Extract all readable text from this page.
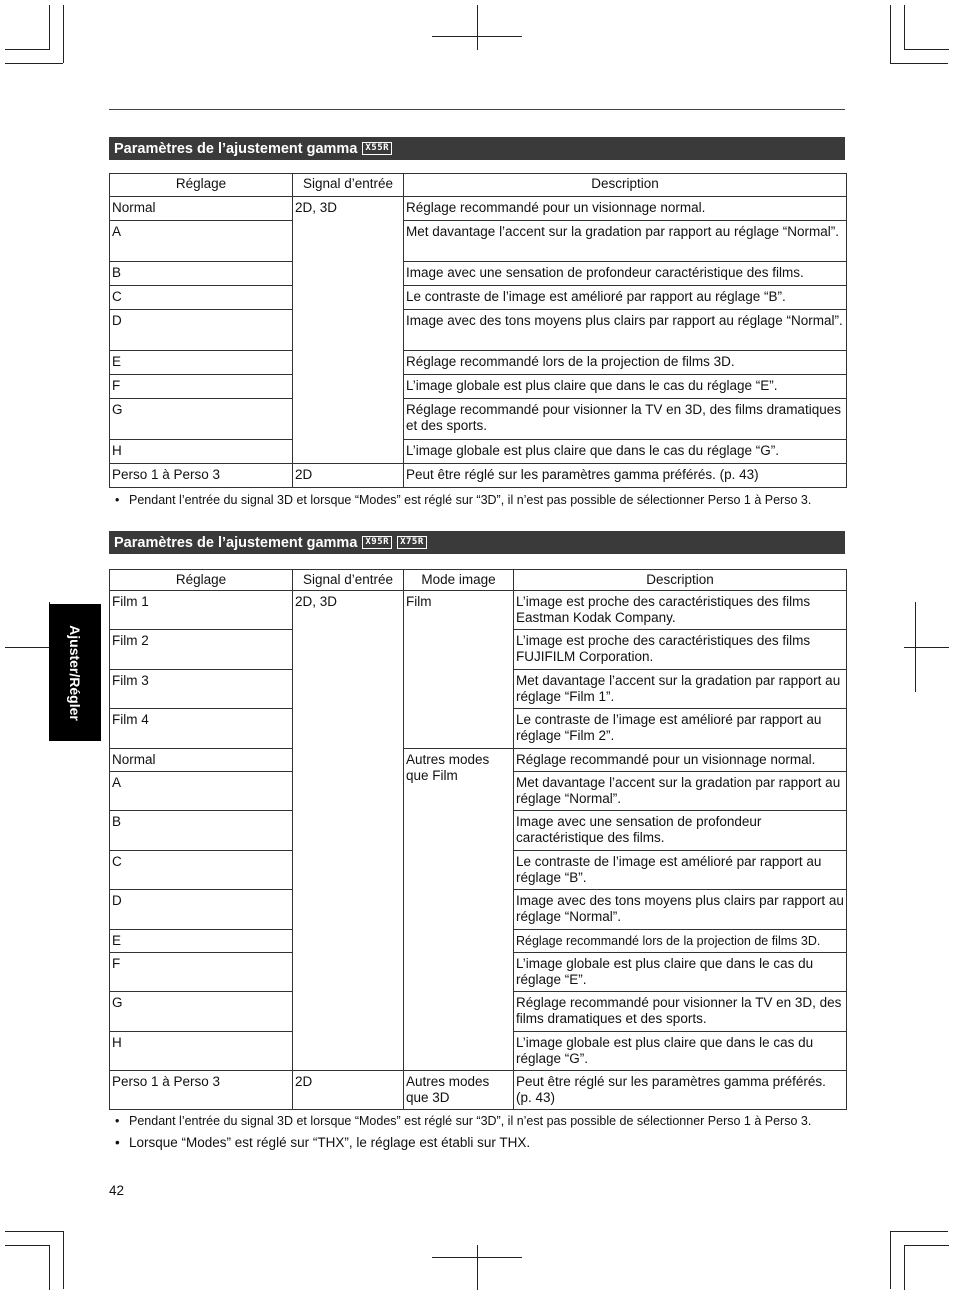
Paramètres de l’ajustement gamma X55R
Réglage	Signal d’entrée	Description
Normal	2D, 3D	Réglage recommandé pour un visionnage normal.
A		Met davantage l’accent sur la gradation par rapport au réglage “Normal”.
B		Image avec une sensation de profondeur caractéristique des films.
C		Le contraste de l’image est amélioré par rapport au réglage “B”.
D		Image avec des tons moyens plus clairs par rapport au réglage “Normal”.
E		Réglage recommandé lors de la projection de films 3D.
F		L’image globale est plus claire que dans le cas du réglage “E”.
G		Réglage recommandé pour visionner la TV en 3D, des films dramatiques et des sports.
H		L’image globale est plus claire que dans le cas du réglage “G”.
Perso 1 à Perso 3	2D	Peut être réglé sur les paramètres gamma préférés. (p. 43)
• Pendant l’entrée du signal 3D et lorsque “Modes” est réglé sur “3D”, il n’est pas possible de sélectionner Perso 1 à Perso 3.
Paramètres de l’ajustement gamma X95R	X75R
Réglage	Signal d’entrée	Mode image	Description
Film 1	2D, 3D	Film	L’image est proche des caractéristiques des films Eastman Kodak Company.
Film 2			L’image est proche des caractéristiques des films FUJIFILM Corporation.
Film 3			Met davantage l’accent sur la gradation par rapport au réglage “Film 1”.
Film 4			Le contraste de l’image est amélioré par rapport au réglage “Film 2”.
Normal		Autres modes que Film	Réglage recommandé pour un visionnage normal.
A			Met davantage l’accent sur la gradation par rapport au réglage “Normal”.
B			Image avec une sensation de profondeur caractéristique des films.
C			Le contraste de l’image est amélioré par rapport au réglage “B”.
D			Image avec des tons moyens plus clairs par rapport au réglage “Normal”.
E			Réglage recommandé lors de la projection de films 3D.
F			L’image globale est plus claire que dans le cas du réglage “E”.
G			Réglage recommandé pour visionner la TV en 3D, des films dramatiques et des sports.
H			L’image globale est plus claire que dans le cas du réglage “G”.
Perso 1 à Perso 3	2D	Autres modes que 3D	Peut être réglé sur les paramètres gamma préférés. (p. 43)
• Pendant l’entrée du signal 3D et lorsque “Modes” est réglé sur “3D”, il n’est pas possible de sélectionner Perso 1 à Perso 3.
• Lorsque “Modes” est réglé sur “THX”, le réglage est établi sur THX.
Ajuster/Régler
42
